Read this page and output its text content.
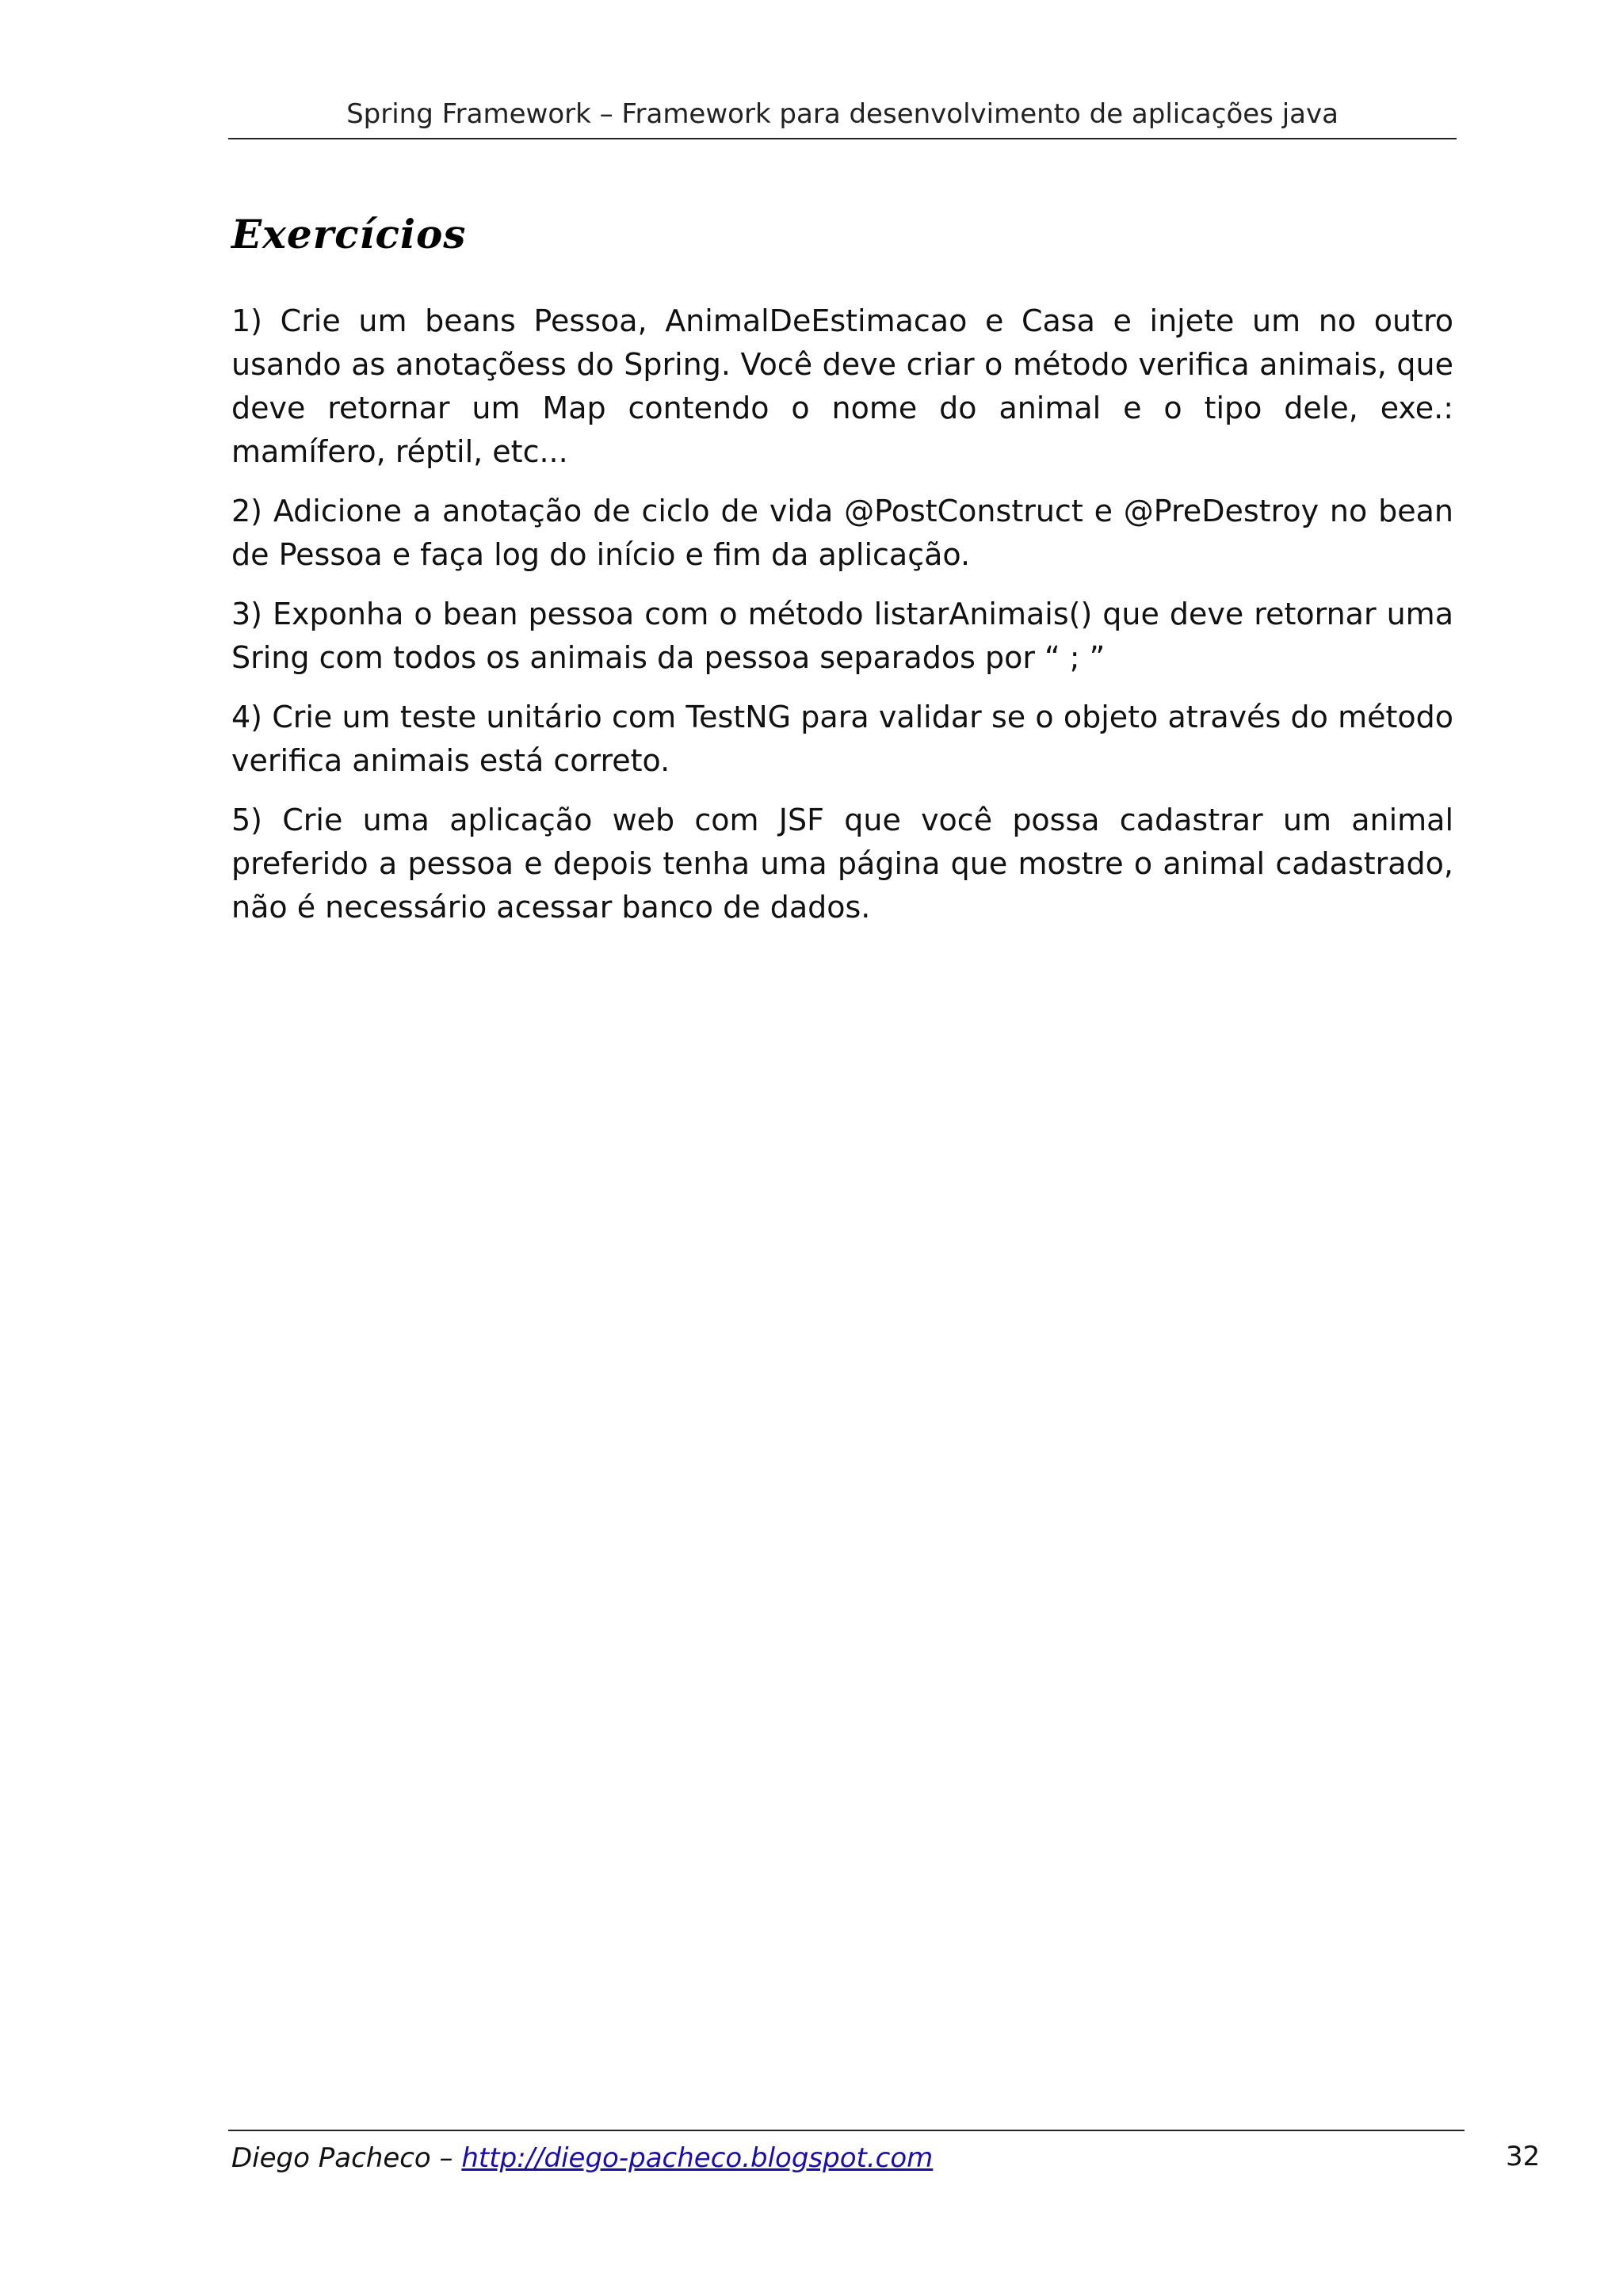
Spring Framework – Framework para desenvolvimento de aplicações java
Exercícios
1) Crie um beans Pessoa, AnimalDeEstimacao e Casa e injete um no outro usando as anotaçõess do Spring. Você deve criar o método verifica animais, que deve retornar um Map contendo o nome do animal e o tipo dele, exe.: mamífero, réptil, etc...
2) Adicione a anotação de ciclo de vida @PostConstruct e @PreDestroy no bean de Pessoa e faça log do início e fim da aplicação.
3) Exponha o bean pessoa com o método listarAnimais() que deve retornar uma Sring com todos os animais da pessoa separados por “ ; ”
4) Crie um teste unitário com TestNG para validar se o objeto através do método verifica animais está correto.
5) Crie uma aplicação web com JSF que você possa cadastrar um animal preferido a pessoa e depois tenha uma página que mostre o animal cadastrado, não é necessário acessar banco de dados.
Diego Pacheco – http://diego-pacheco.blogspot.com	32
